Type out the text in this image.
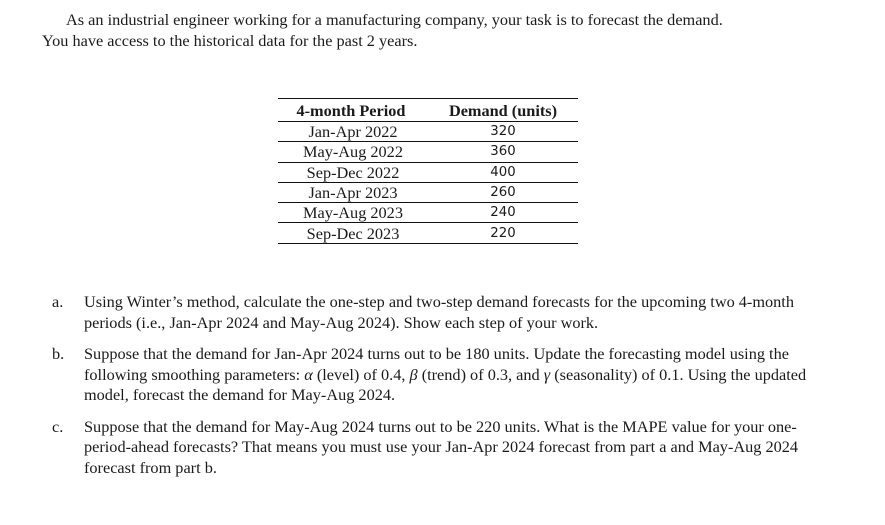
As an industrial engineer working for a manufacturing company, your task is to forecast the demand.
You have access to the historical data for the past 2 years.
4-month Period	Demand (units)
Jan-Apr 2022	320
May-Aug 2022	360
Sep-Dec 2022	400
Jan-Apr 2023	260
May-Aug 2023	240
Sep-Dec 2023	220
a. Using Winter’s method, calculate the one-step and two-step demand forecasts for the upcoming two 4-month periods (i.e., Jan-Apr 2024 and May-Aug 2024). Show each step of your work.
b. Suppose that the demand for Jan-Apr 2024 turns out to be 180 units. Update the forecasting model using the following smoothing parameters: α (level) of 0.4, β (trend) of 0.3, and γ (seasonality) of 0.1. Using the updated model, forecast the demand for May-Aug 2024.
c. Suppose that the demand for May-Aug 2024 turns out to be 220 units. What is the MAPE value for your one-period-ahead forecasts? That means you must use your Jan-Apr 2024 forecast from part a and May-Aug 2024 forecast from part b.
